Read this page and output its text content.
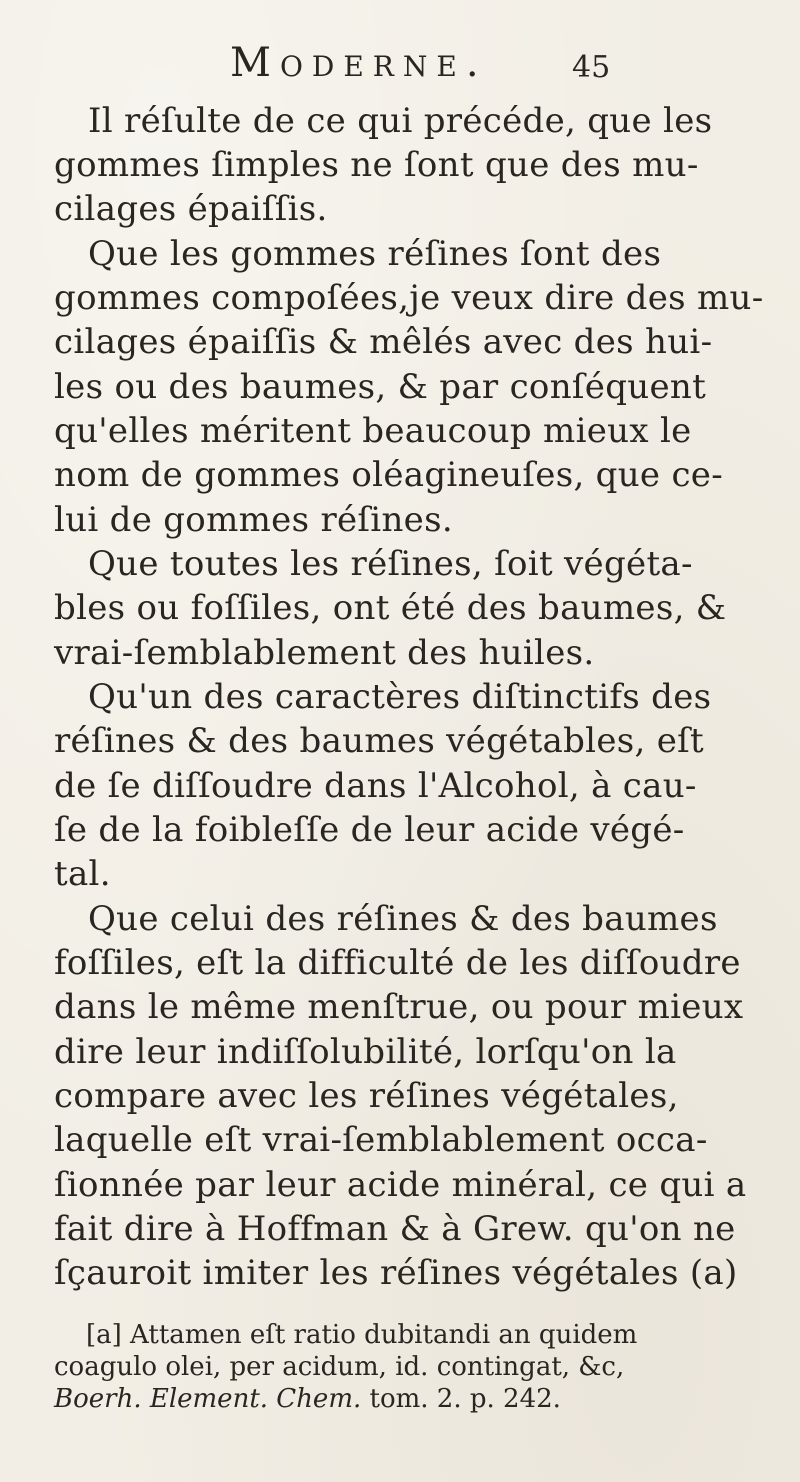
Moderne.	45
Il réſulte de ce qui précéde, que les
gommes ſimples ne ſont que des mu-
cilages épaiſſis.
Que les gommes réſines ſont des
gommes compoſées,je veux dire des mu-
cilages épaiſſis & mêlés avec des hui-
les ou des baumes, & par conſéquent
qu'elles méritent beaucoup mieux le
nom de gommes oléagineuſes, que ce-
lui de gommes réſines.
Que toutes les réſines, ſoit végéta-
bles ou foſſiles, ont été des baumes, &
vrai-ſemblablement des huiles.
Qu'un des caractères diſtinctifs des
réſines & des baumes végétables, eſt
de ſe diſſoudre dans l'Alcohol, à cau-
ſe de la foibleſſe de leur acide végé-
tal.
Que celui des réſines & des baumes
foſſiles, eſt la difficulté de les diſſoudre
dans le même menſtrue, ou pour mieux
dire leur indiſſolubilité, lorſqu'on la
compare avec les réſines végétales,
laquelle eſt vrai-ſemblablement occa-
ſionnée par leur acide minéral, ce qui a
fait dire à Hoffman & à Grew. qu'on ne
ſçauroit imiter les réſines végétales (a)
[a] Attamen eſt ratio dubitandi an quidem
coagulo olei, per acidum, id. contingat, &c,
Boerh. Element. Chem. tom. 2. p. 242.
